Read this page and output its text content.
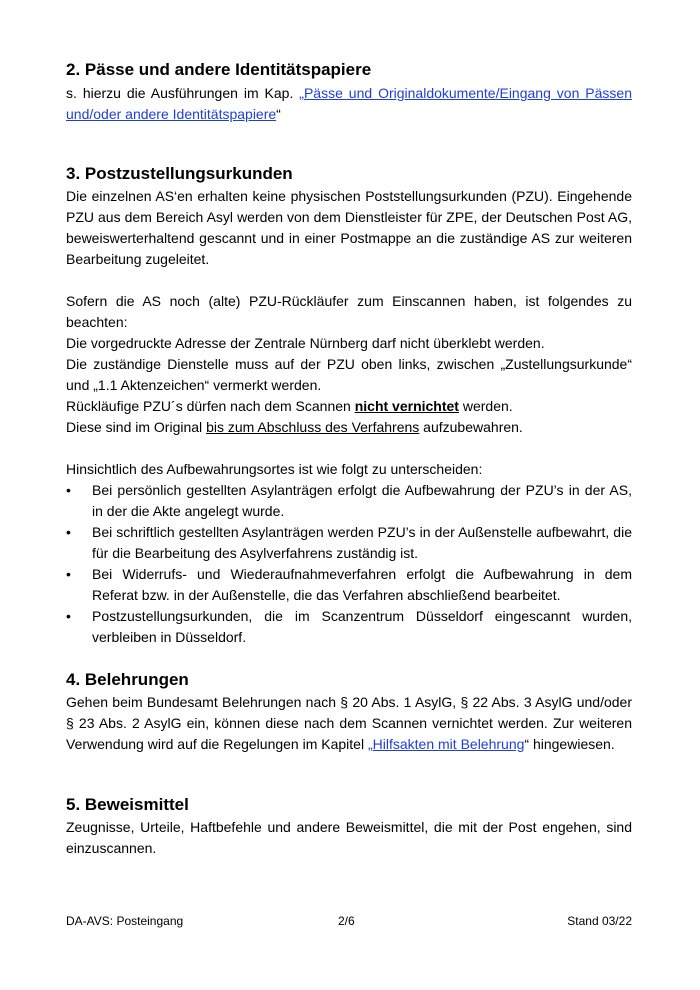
2. Pässe und andere Identitätspapiere

s. hierzu die Ausführungen im Kap. „Pässe und Originaldokumente/Eingang von Pässen und/oder andere Identitätspapiere“

3. Postzustellungsurkunden

Die einzelnen AS‘en erhalten keine physischen Poststellungsurkunden (PZU). Eingehende PZU aus dem Bereich Asyl werden von dem Dienstleister für ZPE, der Deutschen Post AG, beweiswerterhaltend gescannt und in einer Postmappe an die zuständige AS zur weiteren Bearbeitung zugeleitet.

Sofern die AS noch (alte) PZU-Rückläufer zum Einscannen haben, ist folgendes zu beachten:

Die vorgedruckte Adresse der Zentrale Nürnberg darf nicht überklebt werden.

Die zuständige Dienstelle muss auf der PZU oben links, zwischen „Zustellungsurkunde“ und „1.1 Aktenzeichen“ vermerkt werden.

Rückläufige PZU´s dürfen nach dem Scannen nicht vernichtet werden.

Diese sind im Original bis zum Abschluss des Verfahrens aufzubewahren.

Hinsichtlich des Aufbewahrungsortes ist wie folgt zu unterscheiden:

• Bei persönlich gestellten Asylanträgen erfolgt die Aufbewahrung der PZU’s in der AS, in der die Akte angelegt wurde.
• Bei schriftlich gestellten Asylanträgen werden PZU’s in der Außenstelle aufbewahrt, die für die Bearbeitung des Asylverfahrens zuständig ist.
• Bei Widerrufs- und Wiederaufnahmeverfahren erfolgt die Aufbewahrung in dem Referat bzw. in der Außenstelle, die das Verfahren abschließend bearbeitet.
• Postzustellungsurkunden, die im Scanzentrum Düsseldorf eingescannt wurden, verbleiben in Düsseldorf.
4. Belehrungen

Gehen beim Bundesamt Belehrungen nach § 20 Abs. 1 AsylG, § 22 Abs. 3 AsylG und/oder § 23 Abs. 2 AsylG ein, können diese nach dem Scannen vernichtet werden. Zur weiteren Verwendung wird auf die Regelungen im Kapitel „Hilfsakten mit Belehrung“ hingewiesen.

5. Beweismittel

Zeugnisse, Urteile, Haftbefehle und andere Beweismittel, die mit der Post engehen, sind einzuscannen.

DA-AVS: Posteingang	2/6	Stand 03/22
